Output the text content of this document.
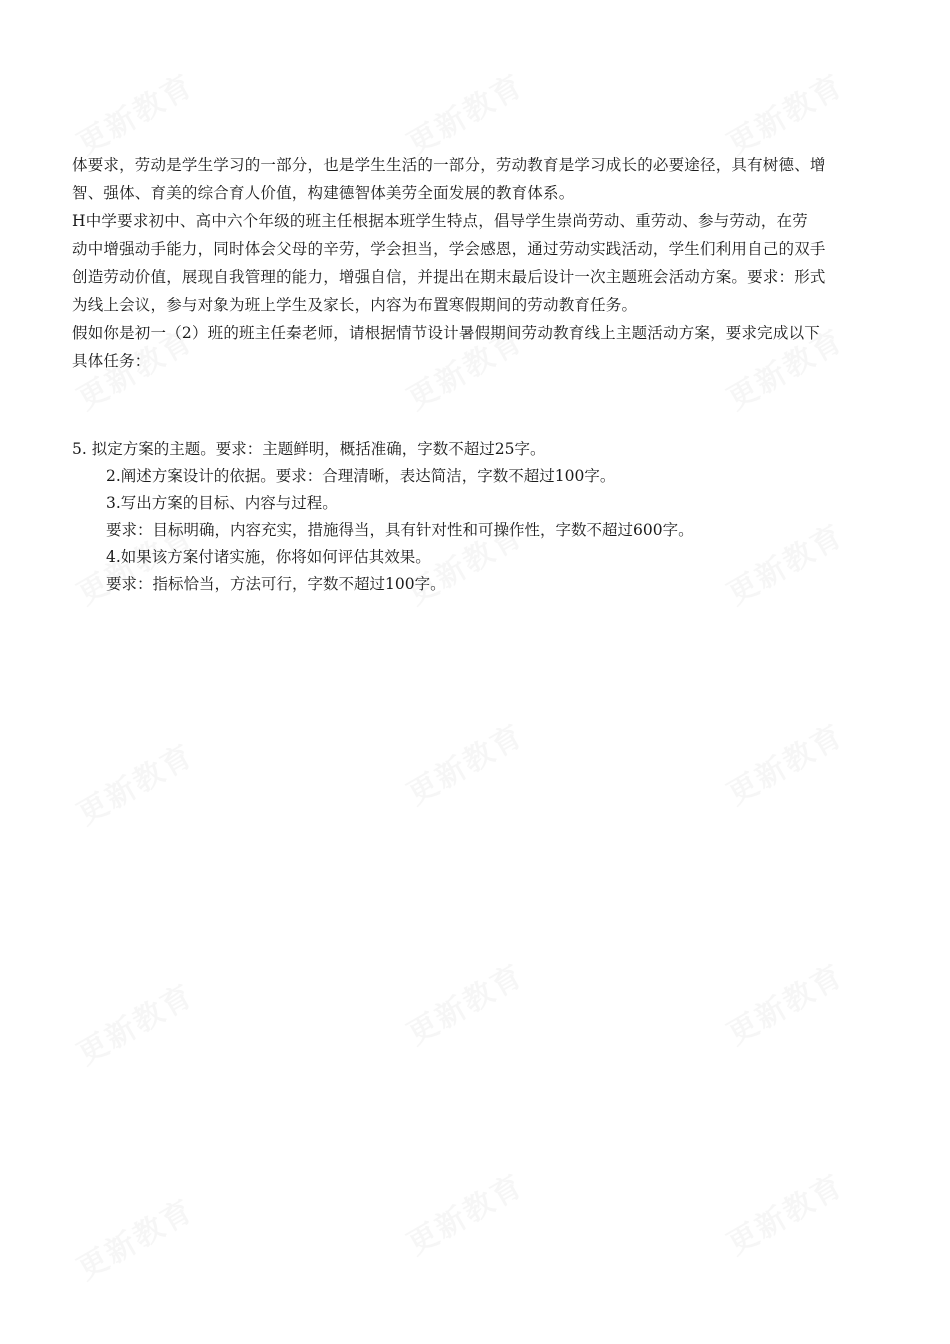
体要求，劳动是学生学习的一部分，也是学生生活的一部分，劳动教育是学习成长的必要途径，具有树德、增

智、强体、育美的综合育人价值，构建德智体美劳全面发展的教育体系。

H中学要求初中、高中六个年级的班主任根据本班学生特点，倡导学生崇尚劳动、重劳动、参与劳动，在劳

动中增强动手能力，同时体会父母的辛劳，学会担当，学会感恩，通过劳动实践活动，学生们利用自己的双手

创造劳动价值，展现自我管理的能力，增强自信，并提出在期末最后设计一次主题班会活动方案。要求：形式

为线上会议，参与对象为班上学生及家长，内容为布置寒假期间的劳动教育任务。

假如你是初一（2）班的班主任秦老师，请根据情节设计暑假期间劳动教育线上主题活动方案，要求完成以下

具体任务：

5. 拟定方案的主题。要求：主题鲜明，概括准确，字数不超过25字。

2.阐述方案设计的依据。要求：合理清晰，表达简洁，字数不超过100字。

3.写出方案的目标、内容与过程。

要求：目标明确，内容充实，措施得当，具有针对性和可操作性，字数不超过600字。

4.如果该方案付诸实施，你将如何评估其效果。

要求：指标恰当，方法可行，字数不超过100字。
